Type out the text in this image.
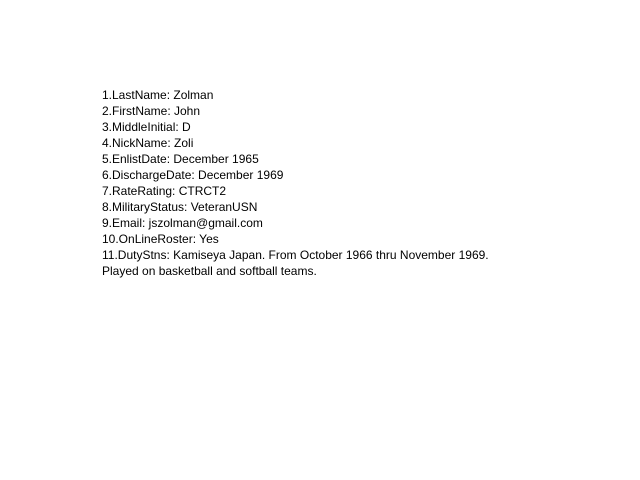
1.LastName: Zolman
2.FirstName: John
3.MiddleInitial: D
4.NickName: Zoli
5.EnlistDate: December 1965
6.DischargeDate: December 1969
7.RateRating: CTRCT2
8.MilitaryStatus: VeteranUSN
9.Email: jszolman@gmail.com
10.OnLineRoster: Yes
11.DutyStns: Kamiseya Japan. From October 1966 thru November 1969.
Played on basketball and softball teams.
